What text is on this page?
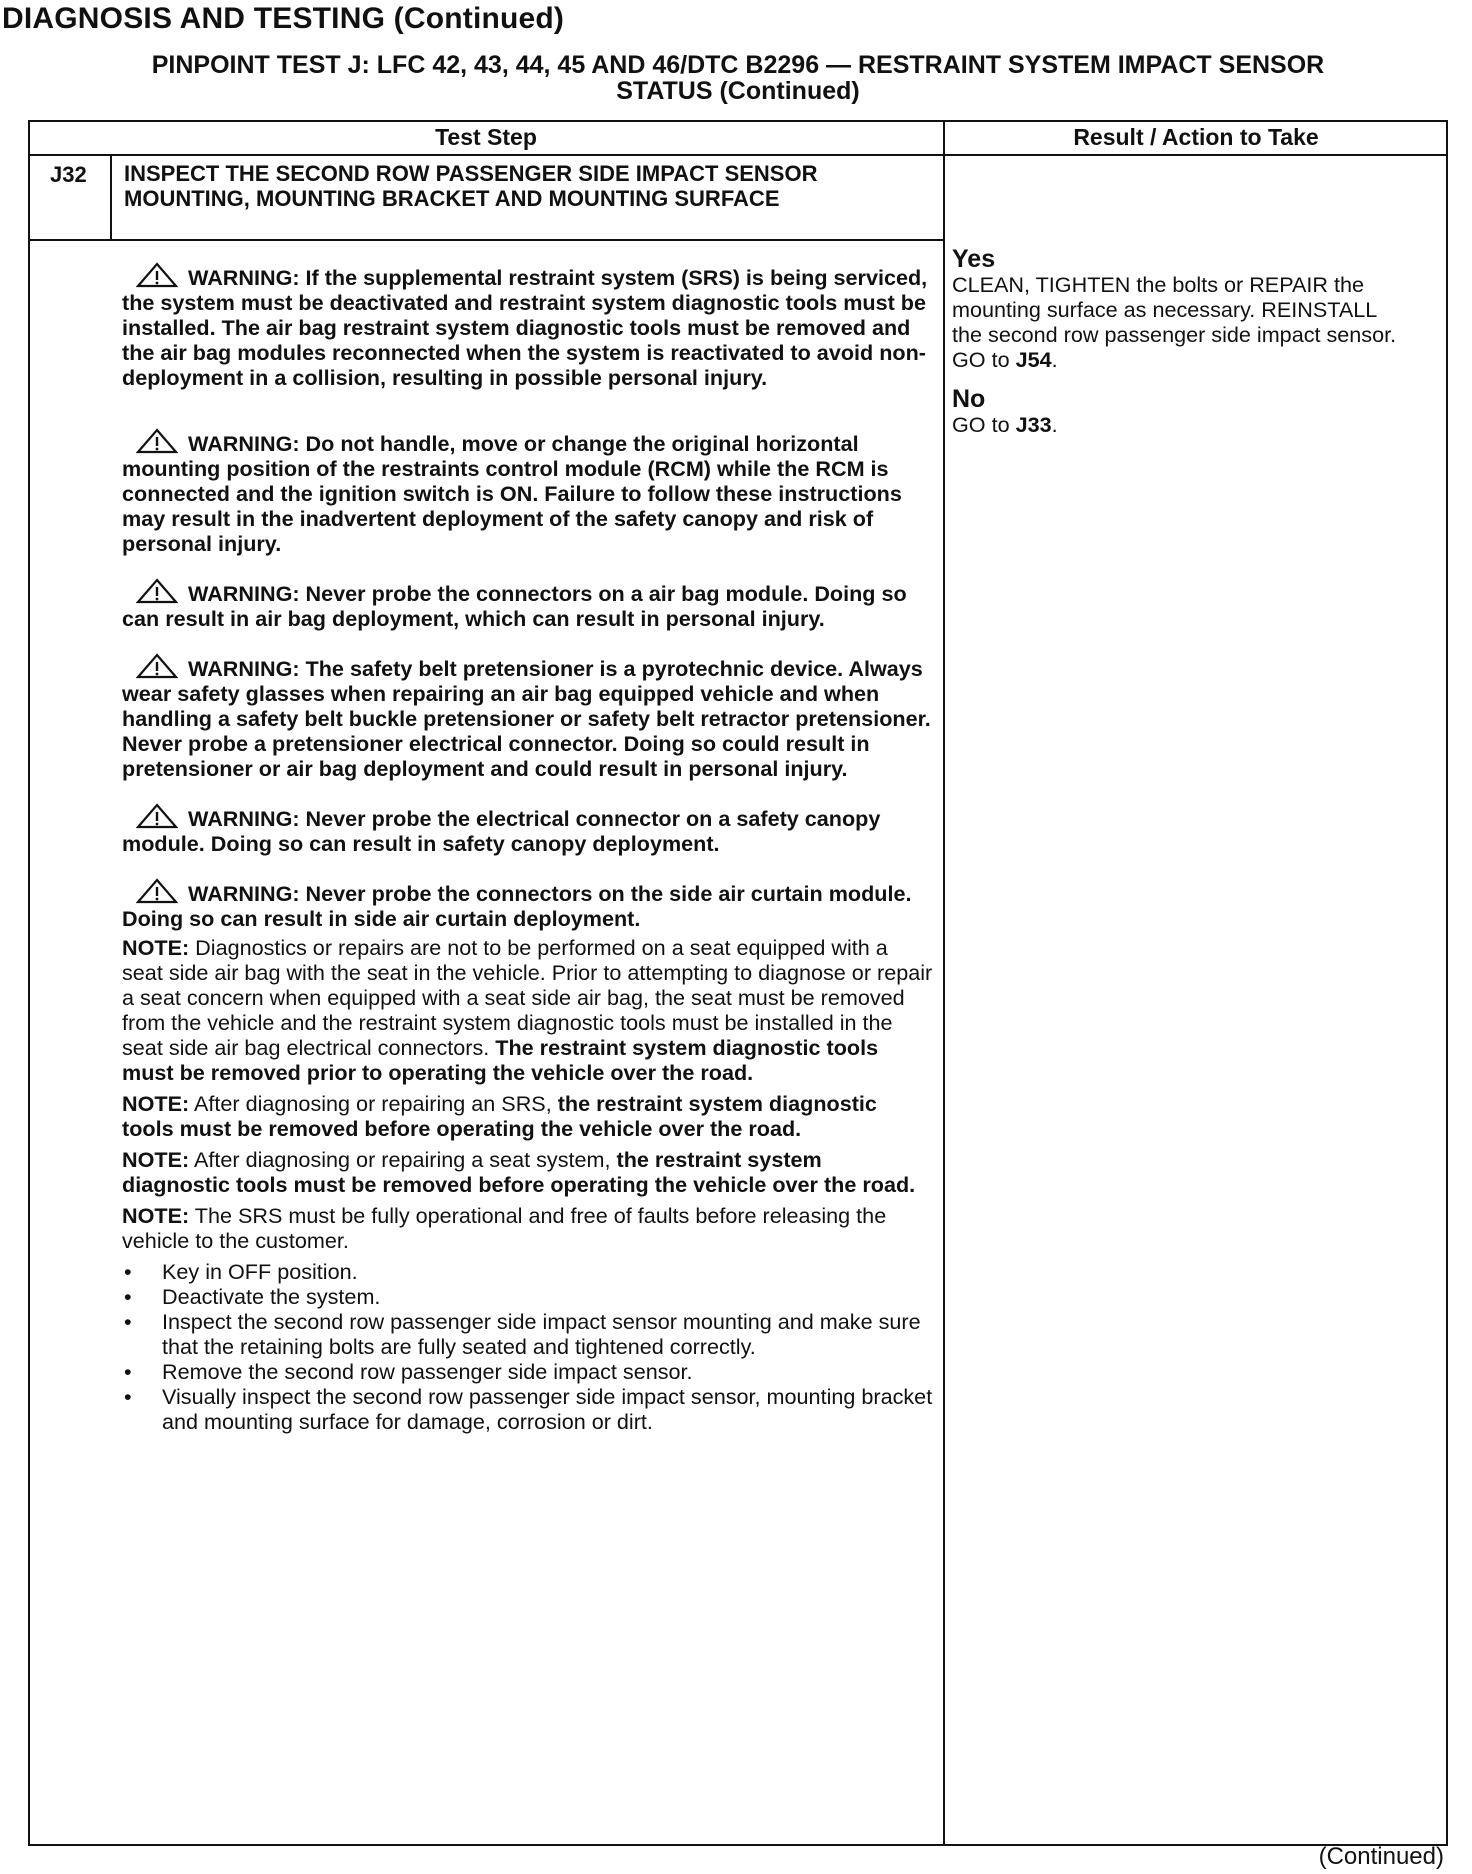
DIAGNOSIS AND TESTING (Continued)
PINPOINT TEST J: LFC 42, 43, 44, 45 AND 46/DTC B2296 — RESTRAINT SYSTEM IMPACT SENSOR
STATUS (Continued)
Test Step	Result / Action to Take
J32 INSPECT THE SECOND ROW PASSENGER SIDE IMPACT SENSOR MOUNTING, MOUNTING BRACKET AND MOUNTING SURFACE

WARNING: If the supplemental restraint system (SRS) is being serviced, the system must be deactivated and restraint system diagnostic tools must be installed. The air bag restraint system diagnostic tools must be removed and the air bag modules reconnected when the system is reactivated to avoid non-deployment in a collision, resulting in possible personal injury.

WARNING: Do not handle, move or change the original horizontal mounting position of the restraints control module (RCM) while the RCM is connected and the ignition switch is ON. Failure to follow these instructions may result in the inadvertent deployment of the safety canopy and risk of personal injury.

WARNING: Never probe the connectors on a air bag module. Doing so can result in air bag deployment, which can result in personal injury.

WARNING: The safety belt pretensioner is a pyrotechnic device. Always wear safety glasses when repairing an air bag equipped vehicle and when handling a safety belt buckle pretensioner or safety belt retractor pretensioner. Never probe a pretensioner electrical connector. Doing so could result in pretensioner or air bag deployment and could result in personal injury.

WARNING: Never probe the electrical connector on a safety canopy module. Doing so can result in safety canopy deployment.

WARNING: Never probe the connectors on the side air curtain module. Doing so can result in side air curtain deployment.

NOTE: Diagnostics or repairs are not to be performed on a seat equipped with a seat side air bag with the seat in the vehicle. Prior to attempting to diagnose or repair a seat concern when equipped with a seat side air bag, the seat must be removed from the vehicle and the restraint system diagnostic tools must be installed in the seat side air bag electrical connectors. The restraint system diagnostic tools must be removed prior to operating the vehicle over the road.

NOTE: After diagnosing or repairing an SRS, the restraint system diagnostic tools must be removed before operating the vehicle over the road.

NOTE: After diagnosing or repairing a seat system, the restraint system diagnostic tools must be removed before operating the vehicle over the road.

NOTE: The SRS must be fully operational and free of faults before releasing the vehicle to the customer.

• Key in OFF position.
• Deactivate the system.
• Inspect the second row passenger side impact sensor mounting and make sure that the retaining bolts are fully seated and tightened correctly.
• Remove the second row passenger side impact sensor.
• Visually inspect the second row passenger side impact sensor, mounting bracket and mounting surface for damage, corrosion or dirt.
Yes
CLEAN, TIGHTEN the bolts or REPAIR the mounting surface as necessary. REINSTALL the second row passenger side impact sensor. GO to J54.
No
GO to J33.
(Continued)
